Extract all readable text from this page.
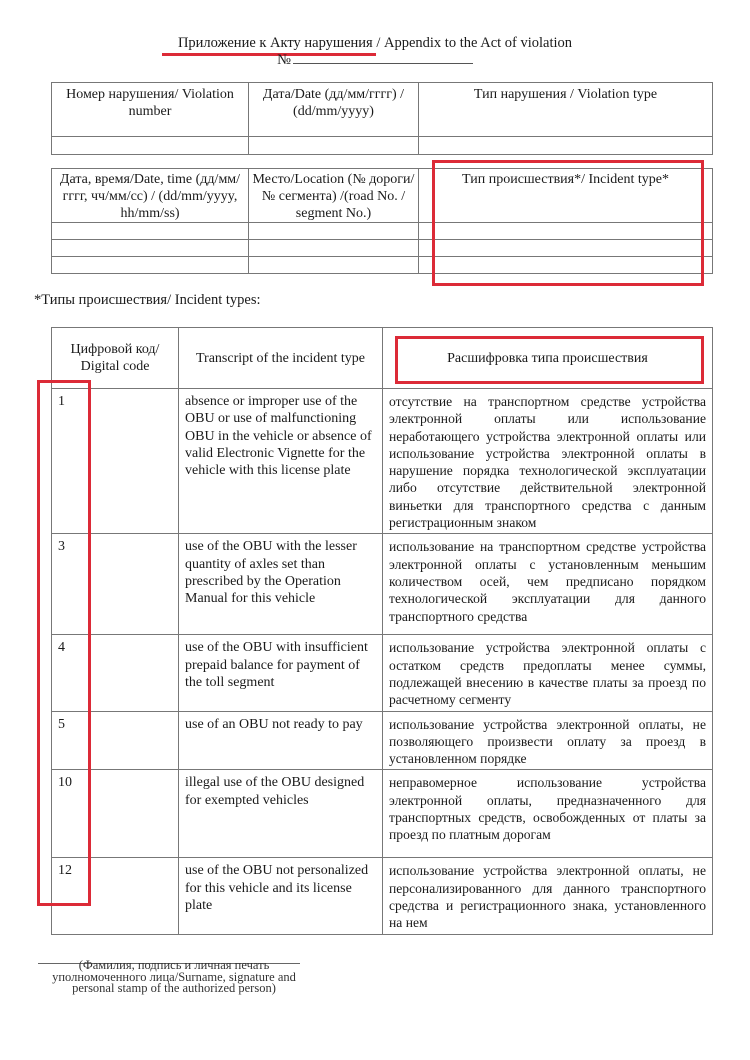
Приложение к Акту нарушения / Appendix to the Act of violation
№
Номер нарушения/ Violation number	Дата/Date (дд/мм/гггг) / (dd/mm/yyyy)	Тип нарушения / Violation type

Дата, время/Date, time (дд/мм/гггг, чч/мм/сс) / (dd/mm/yyyy, hh/mm/ss)	Место/Location (№ дороги/№ сегмента) /(road No. / segment No.)	Тип происшествия*/ Incident type*

*Типы происшествия/ Incident types:
Цифровой код/ Digital code	Transcript of the incident type	Расшифровка типа происшествия
1	absence or improper use of the OBU or use of malfunctioning OBU in the vehicle or absence of valid Electronic Vignette for the vehicle with this license plate	отсутствие на транспортном средстве устройства электронной оплаты или использование неработающего устройства электронной оплаты или использование устройства электронной оплаты в нарушение порядка технологической эксплуатации либо отсутствие действительной электронной виньетки для транспортного средства с данным регистрационным знаком
3	use of the OBU with the lesser quantity of axles set than prescribed by the Operation Manual for this vehicle	использование на транспортном средстве устройства электронной оплаты с установленным меньшим количеством осей, чем предписано порядком технологической эксплуатации для данного транспортного средства
4	use of the OBU with insufficient prepaid balance for payment of the toll segment	использование устройства электронной оплаты с остатком средств предоплаты менее суммы, подлежащей внесению в качестве платы за проезд по расчетному сегменту
5	use of an OBU not ready to pay	использование устройства электронной оплаты, не позволяющего произвести оплату за проезд в установленном порядке
10	illegal use of the OBU designed for exempted vehicles	неправомерное использование устройства электронной оплаты, предназначенного для транспортных средств, освобожденных от платы за проезд по платным дорогам
12	use of the OBU not personalized for this vehicle and its license plate	использование устройства электронной оплаты, не персонализированного для данного транспортного средства и регистрационного знака, установленного на нем
(Фамилия, подпись и личная печать уполномоченного лица/Surname, signature and personal stamp of the authorized person)
